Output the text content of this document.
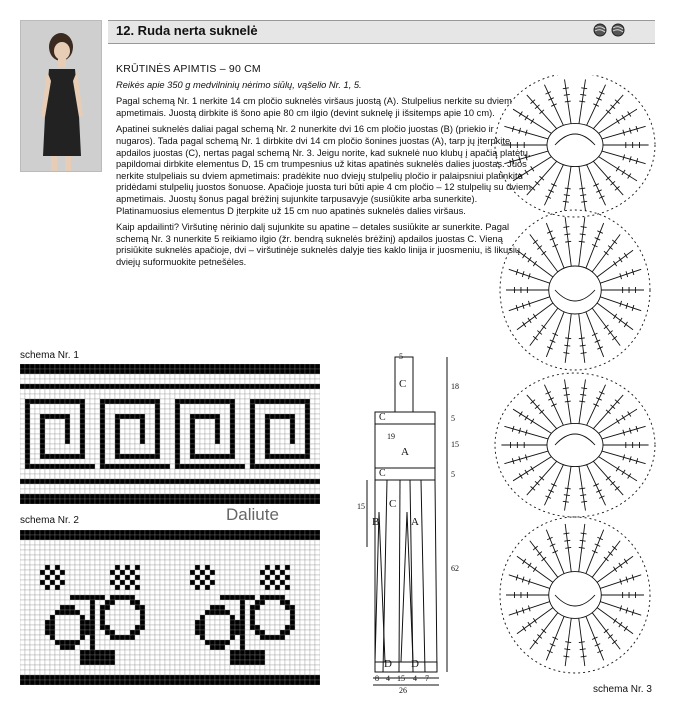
12. Ruda nerta suknelė
KRŪTINĖS APIMTIS – 90 CM

Reikės apie 350 g medvilninių nėrimo siūlų, vąšelio Nr. 1, 5.

Pagal schemą Nr. 1 nerkite 14 cm pločio suknelės viršaus juostą (A). Stulpelius nerkite su dviem apmetimais. Juostą dirbkite iš šono apie 80 cm ilgio (devint suknelę ji išsitemps apie 10 cm).

Apatinei suknelės daliai pagal schemą Nr. 2 nunerkite dvi 16 cm pločio juostas (B) (priekio ir nugaros). Tada pagal schemą Nr. 1 dirbkite dvi 14 cm pločio šonines juostas (A), tarp jų įterpkite apdailos juostas (C), nertas pagal schemą Nr. 3. Jeigu norite, kad suknelė nuo klubų į apačią platėtų, papildomai dirbkite elementus D, 15 cm trumpesnius už kitas apatinės suknelės dalies juostas. Juos nerkite stulpeliais su dviem apmetimais: pradėkite nuo dviejų stulpelių pločio ir palaipsniui platinkite pridėdami stulpelių juostos šonuose. Apačioje juosta turi būti apie 4 cm pločio – 12 stulpelių su dviem apmetimais. Juostų šonus pagal brėžinį sujunkite tarpusavyje (susiūkite arba sunerkite). Platinamuosius elementus D įterpkite už 15 cm nuo apatinės suknelės dalies viršaus.

Kaip apdailinti? Viršutinę nėrinio dalį sujunkite su apatine – detales susiūkite ar sunerkite. Pagal schemą Nr. 3 nunerkite 5 reikiamo ilgio (žr. bendrą suknelės brėžinį) apdailos juostas C. Vieną prisiūkite suknelės apačioje, dvi – viršutinėje suknelės dalyje ties kaklo linija ir juosmeniu, iš likusių dviejų suformuokite petnešėles.

schema Nr. 1
schema Nr. 2	Daliute
C
C
A
C
B
C
A
D D
5
18
5
15
5
62
19
15
8 4 15 4 7
26	schema Nr. 3
